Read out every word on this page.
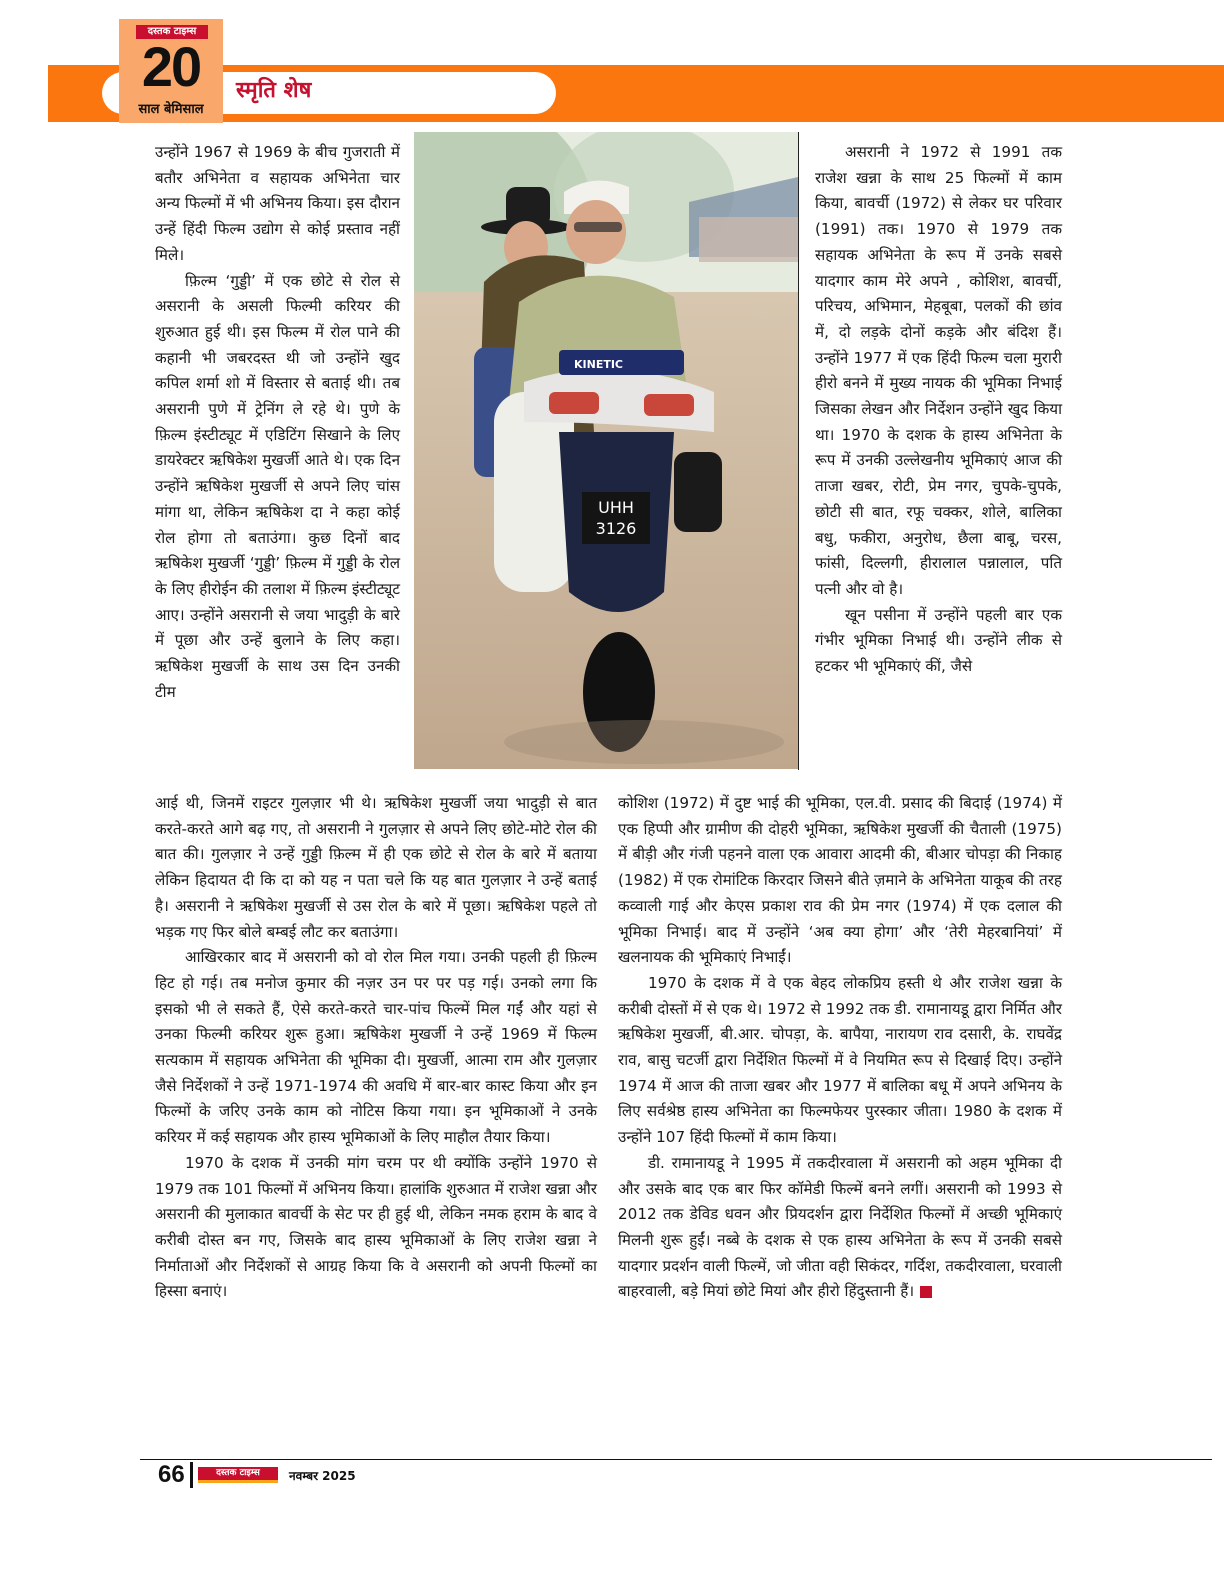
दस्तक टाइम्स
20
साल बेमिसाल
स्मृति शेष

उन्होंने 1967 से 1969 के बीच गुजराती में बतौर अभिनेता व सहायक अभिनेता चार अन्य फिल्मों में भी अभिनय किया। इस दौरान उन्हें हिंदी फिल्म उद्योग से कोई प्रस्ताव नहीं मिले।

फ़िल्म ‘गुड्डी’ में एक छोटे से रोल से असरानी के असली फिल्मी करियर की शुरुआत हुई थी। इस फिल्म में रोल पाने की कहानी भी जबरदस्त थी जो उन्होंने खुद कपिल शर्मा शो में विस्तार से बताई थी। तब असरानी पुणे में ट्रेनिंग ले रहे थे। पुणे के फ़िल्म इंस्टीट्यूट में एडिटिंग सिखाने के लिए डायरेक्टर ऋषिकेश मुखर्जी आते थे। एक दिन उन्होंने ऋषिकेश मुखर्जी से अपने लिए चांस मांगा था, लेकिन ऋषिकेश दा ने कहा कोई रोल होगा तो बताउंगा। कुछ दिनों बाद ऋषिकेश मुखर्जी ‘गुड्डी’ फ़िल्म में गुड्डी के रोल के लिए हीरोईन की तलाश में फ़िल्म इंस्टीट्यूट आए। उन्होंने असरानी से जया भादुड़ी के बारे में पूछा और उन्हें बुलाने के लिए कहा। ऋषिकेश मुखर्जी के साथ उस दिन उनकी टीम

KINETIC
UHH
3126

असरानी ने 1972 से 1991 तक राजेश खन्ना के साथ 25 फिल्मों में काम किया, बावर्ची (1972) से लेकर घर परिवार (1991) तक। 1970 से 1979 तक सहायक अभिनेता के रूप में उनके सबसे यादगार काम मेरे अपने , कोशिश, बावर्ची, परिचय, अभिमान, मेहबूबा, पलकों की छांव में, दो लड़के दोनों कड़के और बंदिश हैं। उन्होंने 1977 में एक हिंदी फिल्म चला मुरारी हीरो बनने में मुख्य नायक की भूमिका निभाई जिसका लेखन और निर्देशन उन्होंने खुद किया था। 1970 के दशक के हास्य अभिनेता के रूप में उनकी उल्लेखनीय भूमिकाएं आज की ताजा खबर, रोटी, प्रेम नगर, चुपके-चुपके, छोटी सी बात, रफू चक्कर, शोले, बालिका बधु, फकीरा, अनुरोध, छैला बाबू, चरस, फांसी, दिल्लगी, हीरालाल पन्नालाल, पति पत्नी और वो है।

खून पसीना में उन्होंने पहली बार एक गंभीर भूमिका निभाई थी। उन्होंने लीक से हटकर भी भूमिकाएं कीं, जैसे

आई थी, जिनमें राइटर गुलज़ार भी थे। ऋषिकेश मुखर्जी जया भादुड़ी से बात करते-करते आगे बढ़ गए, तो असरानी ने गुलज़ार से अपने लिए छोटे-मोटे रोल की बात की। गुलज़ार ने उन्हें गुड्डी फ़िल्म में ही एक छोटे से रोल के बारे में बताया लेकिन हिदायत दी कि दा को यह न पता चले कि यह बात गुलज़ार ने उन्हें बताई है। असरानी ने ऋषिकेश मुखर्जी से उस रोल के बारे में पूछा। ऋषिकेश पहले तो भड़क गए फिर बोले बम्बई लौट कर बताउंगा।

आखिरकार बाद में असरानी को वो रोल मिल गया। उनकी पहली ही फ़िल्म हिट हो गई। तब मनोज कुमार की नज़र उन पर पर पड़ गई। उनको लगा कि इसको भी ले सकते हैं, ऐसे करते-करते चार-पांच फिल्में मिल गईं और यहां से उनका फिल्मी करियर शुरू हुआ। ऋषिकेश मुखर्जी ने उन्हें 1969 में फिल्म सत्यकाम में सहायक अभिनेता की भूमिका दी। मुखर्जी, आत्मा राम और गुलज़ार जैसे निर्देशकों ने उन्हें 1971-1974 की अवधि में बार-बार कास्ट किया और इन फिल्मों के जरिए उनके काम को नोटिस किया गया। इन भूमिकाओं ने उनके करियर में कई सहायक और हास्य भूमिकाओं के लिए माहौल तैयार किया।

1970 के दशक में उनकी मांग चरम पर थी क्योंकि उन्होंने 1970 से 1979 तक 101 फिल्मों में अभिनय किया। हालांकि शुरुआत में राजेश खन्ना और असरानी की मुलाकात बावर्ची के सेट पर ही हुई थी, लेकिन नमक हराम के बाद वे करीबी दोस्त बन गए, जिसके बाद हास्य भूमिकाओं के लिए राजेश खन्ना ने निर्माताओं और निर्देशकों से आग्रह किया कि वे असरानी को अपनी फिल्मों का हिस्सा बनाएं।

कोशिश (1972) में दुष्ट भाई की भूमिका, एल.वी. प्रसाद की बिदाई (1974) में एक हिप्पी और ग्रामीण की दोहरी भूमिका, ऋषिकेश मुखर्जी की चैताली (1975) में बीड़ी और गंजी पहनने वाला एक आवारा आदमी की, बीआर चोपड़ा की निकाह (1982) में एक रोमांटिक किरदार जिसने बीते ज़माने के अभिनेता याकूब की तरह कव्वाली गाई और केएस प्रकाश राव की प्रेम नगर (1974) में एक दलाल की भूमिका निभाई। बाद में उन्होंने ‘अब क्या होगा’ और ‘तेरी मेहरबानियां’ में खलनायक की भूमिकाएं निभाईं।

1970 के दशक में वे एक बेहद लोकप्रिय हस्ती थे और राजेश खन्ना के करीबी दोस्तों में से एक थे। 1972 से 1992 तक डी. रामानायडू द्वारा निर्मित और ऋषिकेश मुखर्जी, बी.आर. चोपड़ा, के. बापैया, नारायण राव दसारी, के. राघवेंद्र राव, बासु चटर्जी द्वारा निर्देशित फिल्मों में वे नियमित रूप से दिखाई दिए। उन्होंने 1974 में आज की ताजा खबर और 1977 में बालिका बधू में अपने अभिनय के लिए सर्वश्रेष्ठ हास्य अभिनेता का फिल्मफेयर पुरस्कार जीता। 1980 के दशक में उन्होंने 107 हिंदी फिल्मों में काम किया।

डी. रामानायडू ने 1995 में तकदीरवाला में असरानी को अहम भूमिका दी और उसके बाद एक बार फिर कॉमेडी फिल्में बनने लगीं। असरानी को 1993 से 2012 तक डेविड धवन और प्रियदर्शन द्वारा निर्देशित फिल्मों में अच्छी भूमिकाएं मिलनी शुरू हुईं। नब्बे के दशक से एक हास्य अभिनेता के रूप में उनकी सबसे यादगार प्रदर्शन वाली फिल्में, जो जीता वही सिकंदर, गर्दिश, तकदीरवाला, घरवाली बाहरवाली, बड़े मियां छोटे मियां और हीरो हिंदुस्तानी हैं।

66	दस्तक टाइम्स	नवम्बर 2025
